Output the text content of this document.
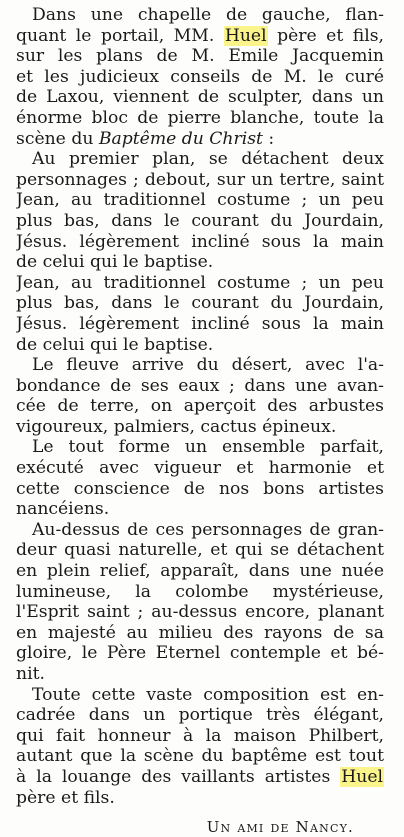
Dans une chapelle de gauche, flan-
quant le portail, MM. Huel père et fils,
sur les plans de M. Emile Jacquemin
et les judicieux conseils de M. le curé
de Laxou, viennent de sculpter, dans un
énorme bloc de pierre blanche, toute la
scène du Baptême du Christ :
Au premier plan, se détachent deux
personnages ; debout, sur un tertre, saint
Jean, au traditionnel costume ; un peu
plus bas, dans le courant du Jourdain,
Jésus. légèrement incliné sous la main
de celui qui le baptise.
Jean, au traditionnel costume ; un peu
plus bas, dans le courant du Jourdain,
Jésus. légèrement incliné sous la main
de celui qui le baptise.
Le fleuve arrive du désert, avec l'a-
bondance de ses eaux ; dans une avan-
cée de terre, on aperçoit des arbustes
vigoureux, palmiers, cactus épineux.
Le tout forme un ensemble parfait,
exécuté avec vigueur et harmonie et
cette conscience de nos bons artistes
nancéiens.
Au-dessus de ces personnages de gran-
deur quasi naturelle, et qui se détachent
en plein relief, apparaît, dans une nuée
lumineuse, la colombe mystérieuse,
l'Esprit saint ; au-dessus encore, planant
en majesté au milieu des rayons de sa
gloire, le Père Eternel contemple et bé-
nit.
Toute cette vaste composition est en-
cadrée dans un portique très élégant,
qui fait honneur à la maison Philbert,
autant que la scène du baptême est tout
à la louange des vaillants artistes Huel
père et fils.
Un ami de Nancy.
